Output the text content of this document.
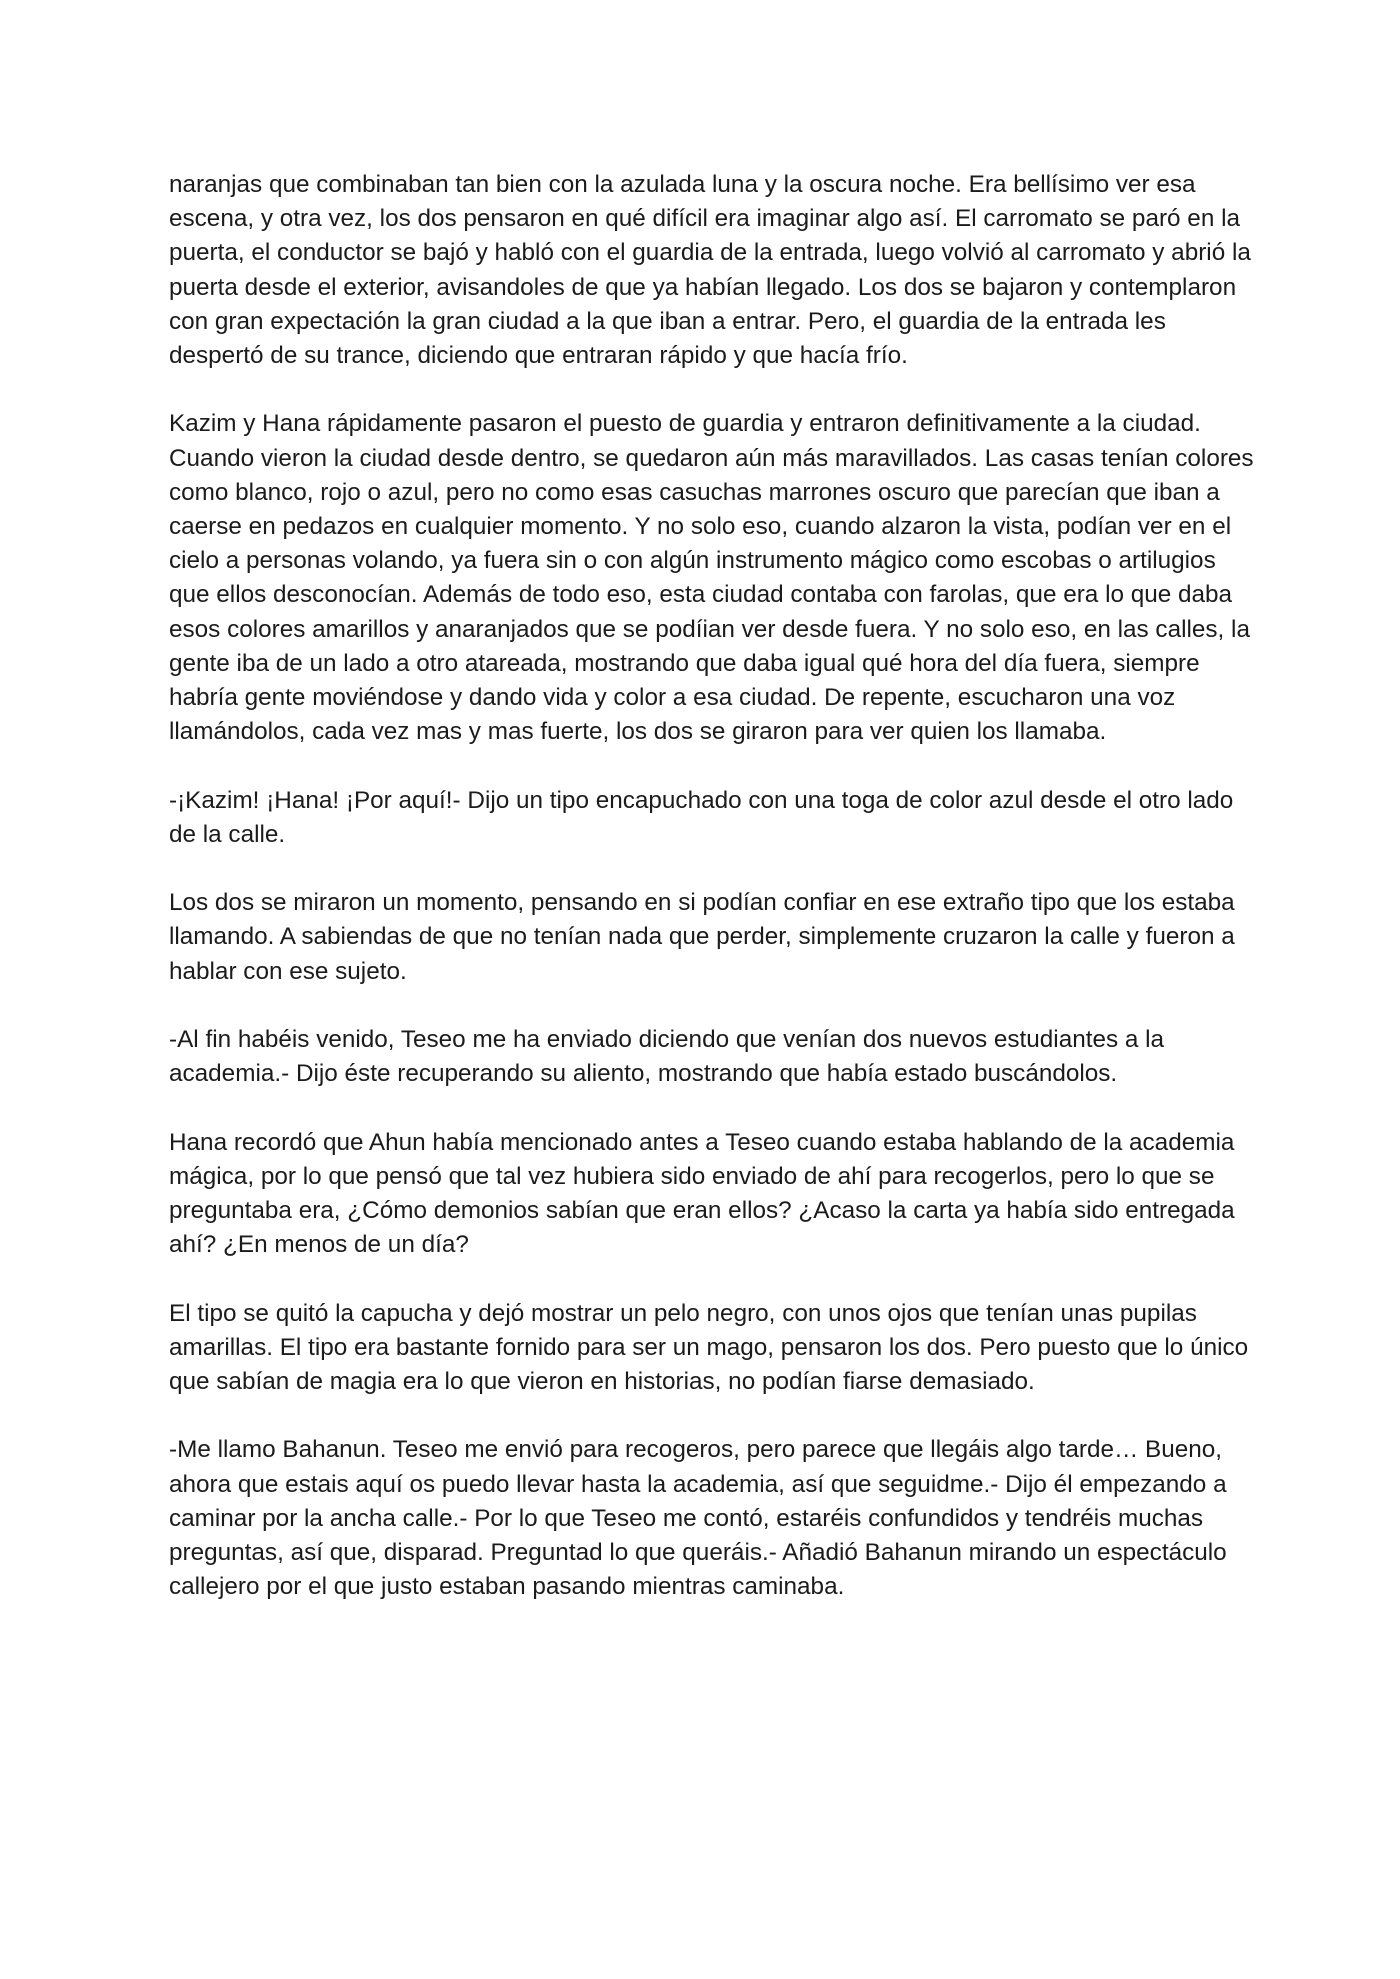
naranjas que combinaban tan bien con la azulada luna y la oscura noche. Era bellísimo ver esa escena, y otra vez, los dos pensaron en qué difícil era imaginar algo así. El carromato se paró en la puerta, el conductor se bajó y habló con el guardia de la entrada, luego volvió al carromato y abrió la puerta desde el exterior, avisandoles de que ya habían llegado. Los dos se bajaron y contemplaron con gran expectación la gran ciudad a la que iban a entrar. Pero, el guardia de la entrada les despertó de su trance, diciendo que entraran rápido y que hacía frío.

Kazim y Hana rápidamente pasaron el puesto de guardia y entraron definitivamente a la ciudad. Cuando vieron la ciudad desde dentro, se quedaron aún más maravillados. Las casas tenían colores como blanco, rojo o azul, pero no como esas casuchas marrones oscuro que parecían que iban a caerse en pedazos en cualquier momento. Y no solo eso, cuando alzaron la vista, podían ver en el cielo a personas volando, ya fuera sin o con algún instrumento mágico como escobas o artilugios que ellos desconocían. Además de todo eso, esta ciudad contaba con farolas, que era lo que daba esos colores amarillos y anaranjados que se podíian ver desde fuera. Y no solo eso, en las calles, la gente iba de un lado a otro atareada, mostrando que daba igual qué hora del día fuera, siempre habría gente moviéndose y dando vida y color a esa ciudad. De repente, escucharon una voz llamándolos, cada vez mas y mas fuerte, los dos se giraron para ver quien los llamaba.

-¡Kazim! ¡Hana! ¡Por aquí!- Dijo un tipo encapuchado con una toga de color azul desde el otro lado de la calle.

Los dos se miraron un momento, pensando en si podían confiar en ese extraño tipo que los estaba llamando. A sabiendas de que no tenían nada que perder, simplemente cruzaron la calle y fueron a hablar con ese sujeto.

-Al fin habéis venido, Teseo me ha enviado diciendo que venían dos nuevos estudiantes a la academia.- Dijo éste recuperando su aliento, mostrando que había estado buscándolos.

Hana recordó que Ahun había mencionado antes a Teseo cuando estaba hablando de la academia mágica, por lo que pensó que tal vez hubiera sido enviado de ahí para recogerlos, pero lo que se preguntaba era, ¿Cómo demonios sabían que eran ellos? ¿Acaso la carta ya había sido entregada ahí? ¿En menos de un día?

El tipo se quitó la capucha y dejó mostrar un pelo negro, con unos ojos que tenían unas pupilas amarillas. El tipo era bastante fornido para ser un mago, pensaron los dos. Pero puesto que lo único que sabían de magia era lo que vieron en historias, no podían fiarse demasiado.

-Me llamo Bahanun. Teseo me envió para recogeros, pero parece que llegáis algo tarde… Bueno, ahora que estais aquí os puedo llevar hasta la academia, así que seguidme.- Dijo él empezando a caminar por la ancha calle.- Por lo que Teseo me contó, estaréis confundidos y tendréis muchas preguntas, así que, disparad. Preguntad lo que queráis.- Añadió Bahanun mirando un espectáculo callejero por el que justo estaban pasando mientras caminaba.
